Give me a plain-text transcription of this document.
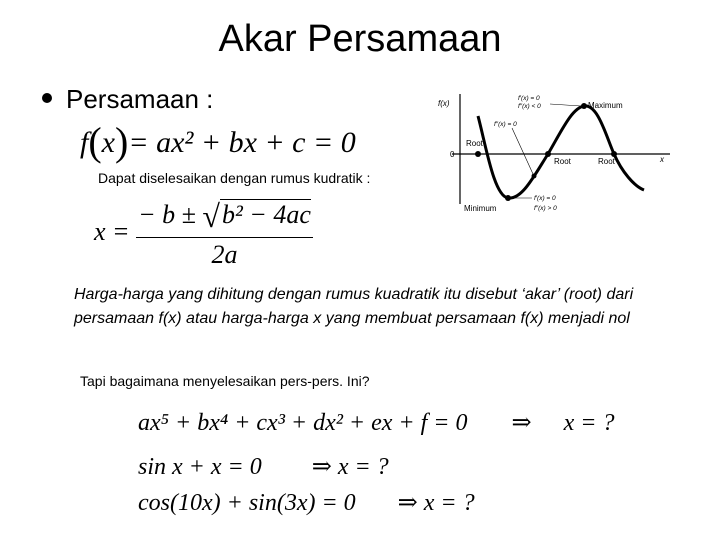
Akar Persamaan
Persamaan :
f(x)= ax² + bx + c = 0
Dapat diselesaikan dengan rumus kudratik :
$x = \frac{\text{− b ± √b² − 4ac}}{2a}$
f(x)
x
0
Root
Root	Root
Maximum
Minimum
f′(x) = 0
f″(x) < 0
f″(x) = 0
f′(x) = 0
f″(x) > 0
Harga-harga yang dihitung dengan rumus kuadratik itu disebut ‘akar’ (root) dari persamaan f(x) atau harga-harga x yang membuat persamaan f(x) menjadi nol
Tapi bagaimana menyelesaikan pers-pers. Ini?
ax⁵ + bx⁴ + cx³ + dx² + ex + f = 0 ⇒ x = ?
sin x + x = 0 ⇒ x = ?
cos(10x) + sin(3x) = 0 ⇒ x = ?
